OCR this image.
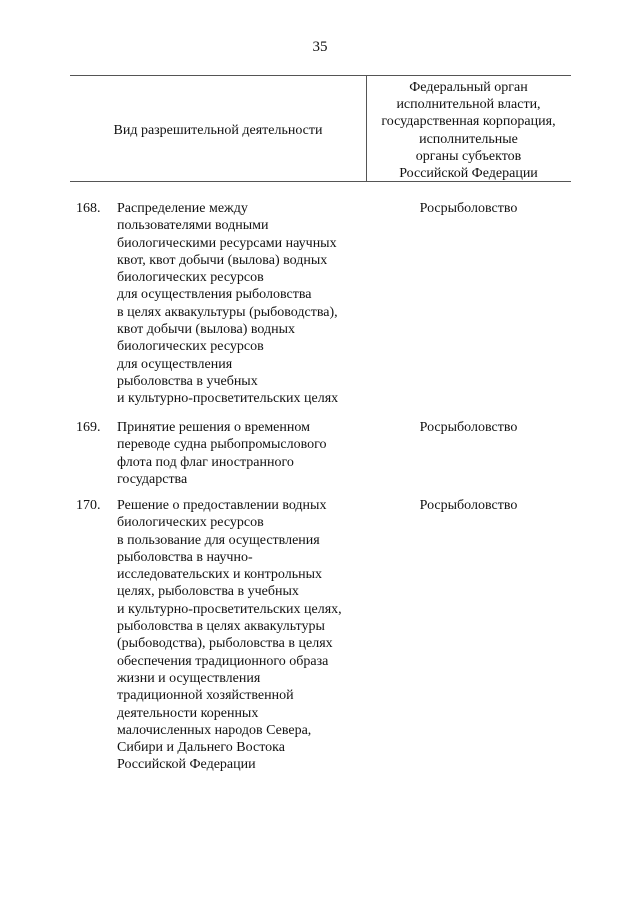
35
Вид разрешительной деятельности
Федеральный орган
исполнительной власти,
государственная корпорация,
исполнительные
органы субъектов
Российской Федерации
168. Распределение между
пользователями водными
биологическими ресурсами научных
квот, квот добычи (вылова) водных
биологических ресурсов
для осуществления рыболовства
в целях аквакультуры (рыбоводства),
квот добычи (вылова) водных
биологических ресурсов
для осуществления
рыболовства в учебных
и культурно-просветительских целях
Росрыболовство
169. Принятие решения о временном
переводе судна рыбопромыслового
флота под флаг иностранного
государства
Росрыболовство
170. Решение о предоставлении водных
биологических ресурсов
в пользование для осуществления
рыболовства в научно-
исследовательских и контрольных
целях, рыболовства в учебных
и культурно-просветительских целях,
рыболовства в целях аквакультуры
(рыбоводства), рыболовства в целях
обеспечения традиционного образа
жизни и осуществления
традиционной хозяйственной
деятельности коренных
малочисленных народов Севера,
Сибири и Дальнего Востока
Российской Федерации
Росрыболовство
